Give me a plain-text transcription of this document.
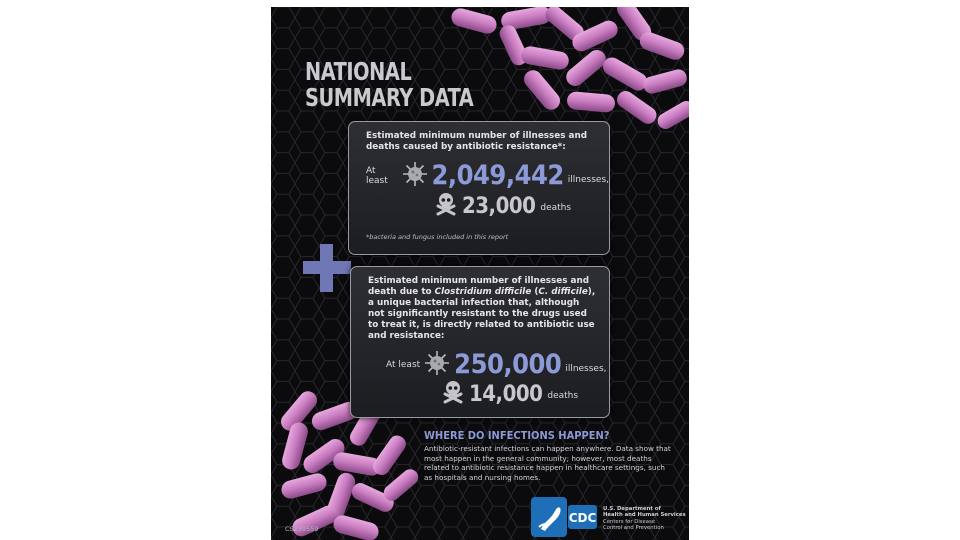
NATIONAL
SUMMARY DATA
Estimated minimum number of illnesses and deaths caused by antibiotic resistance*:
At least	2,049,442 illnesses,
23,000 deaths
*bacteria and fungus included in this report
Estimated minimum number of illnesses and death due to Clostridium difficile (C. difficile), a unique bacterial infection that, although not significantly resistant to the drugs used to treat it, is directly related to antibiotic use and resistance:
At least 250,000 illnesses,
14,000 deaths
WHERE DO INFECTIONS HAPPEN?
Antibiotic-resistant infections can happen anywhere. Data show that most happen in the general community; however, most deaths related to antibiotic resistance happen in healthcare settings, such as hospitals and nursing homes.
CS239559
CDC
U.S. Department of
Health and Human Services
Centers for Disease
Control and Prevention
